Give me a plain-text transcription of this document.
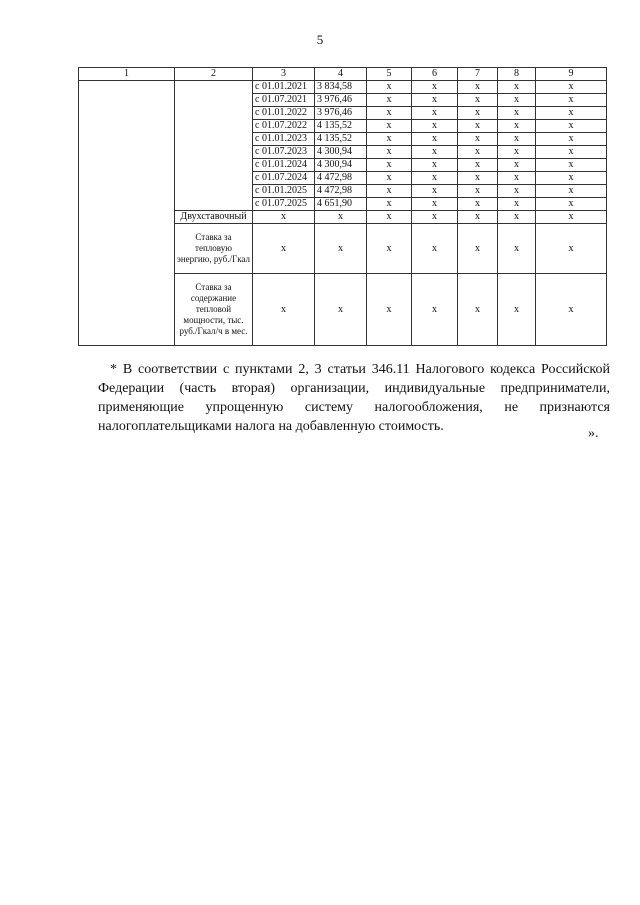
5
1	2	3	4	5	6	7	8	9
		с 01.01.2021	3 834,58	x	x	x	x	x
		с 01.07.2021	3 976,46	x	x	x	x	x
		с 01.01.2022	3 976,46	x	x	x	x	x
		с 01.07.2022	4 135,52	x	x	x	x	x
		с 01.01.2023	4 135,52	x	x	x	x	x
		с 01.07.2023	4 300,94	x	x	x	x	x
		с 01.01.2024	4 300,94	x	x	x	x	x
		с 01.07.2024	4 472,98	x	x	x	x	x
		с 01.01.2025	4 472,98	x	x	x	x	x
		с 01.07.2025	4 651,90	x	x	x	x	x
	Двухставочный	x	x	x	x	x	x	x
	Ставка за тепловую энергию, руб./Гкал	x	x	x	x	x	x	x
	Ставка за содержание тепловой мощности, тыс. руб./Гкал/ч в мес.	x	x	x	x	x	x	x
* В соответствии с пунктами 2, 3 статьи 346.11 Налогового кодекса Российской Федерации (часть вторая) организации, индивидуальные предприниматели, применяющие упрощенную систему налогообложения, не признаются налогоплательщиками налога на добавленную стоимость.	».
